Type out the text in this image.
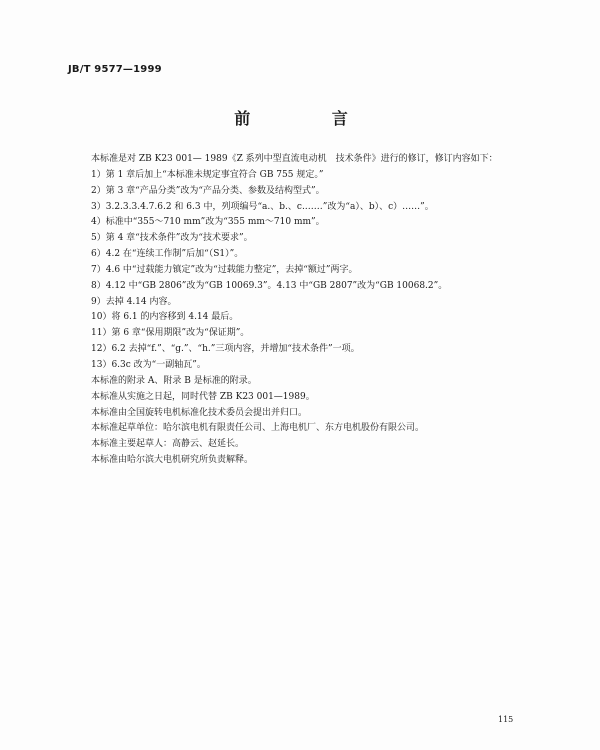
JB/T 9577—1999
前 言
本标准是对 ZB K23 001— 1989《Z 系列中型直流电动机　技术条件》进行的修订，修订内容如下：
1）第 1 章后加上“本标准未规定事宜符合 GB 755 规定。”
2）第 3 章“产品分类”改为“产品分类、参数及结构型式”。
3）3.2.3.3.4.7.6.2 和 6.3 中，列项编号“a.、b.、c.……”改为“a）、b）、c）……”。
4）标准中“355～710 mm”改为“355 mm～710 mm”。
5）第 4 章“技术条件”改为“技术要求”。
6）4.2 在“连续工作制”后加“（S1）”。
7）4.6 中“过载能力镇定”改为“过载能力整定”，去掉“额过”两字。
8）4.12 中“GB 2806”改为“GB 10069.3”。4.13 中“GB 2807”改为“GB 10068.2”。
9）去掉 4.14 内容。
10）将 6.1 的内容移到 4.14 最后。
11）第 6 章“保用期限”改为“保证期”。
12）6.2 去掉“f.”、“g.”、“h.”三项内容，并增加“技术条件”一项。
13）6.3c 改为“一副轴瓦”。
本标准的附录 A、附录 B 是标准的附录。
本标准从实施之日起，同时代替 ZB K23 001—1989。
本标准由全国旋转电机标准化技术委员会提出并归口。
本标准起草单位：哈尔滨电机有限责任公司、上海电机厂、东方电机股份有限公司。
本标准主要起草人：高静云、赵延长。
本标准由哈尔滨大电机研究所负责解释。
115
